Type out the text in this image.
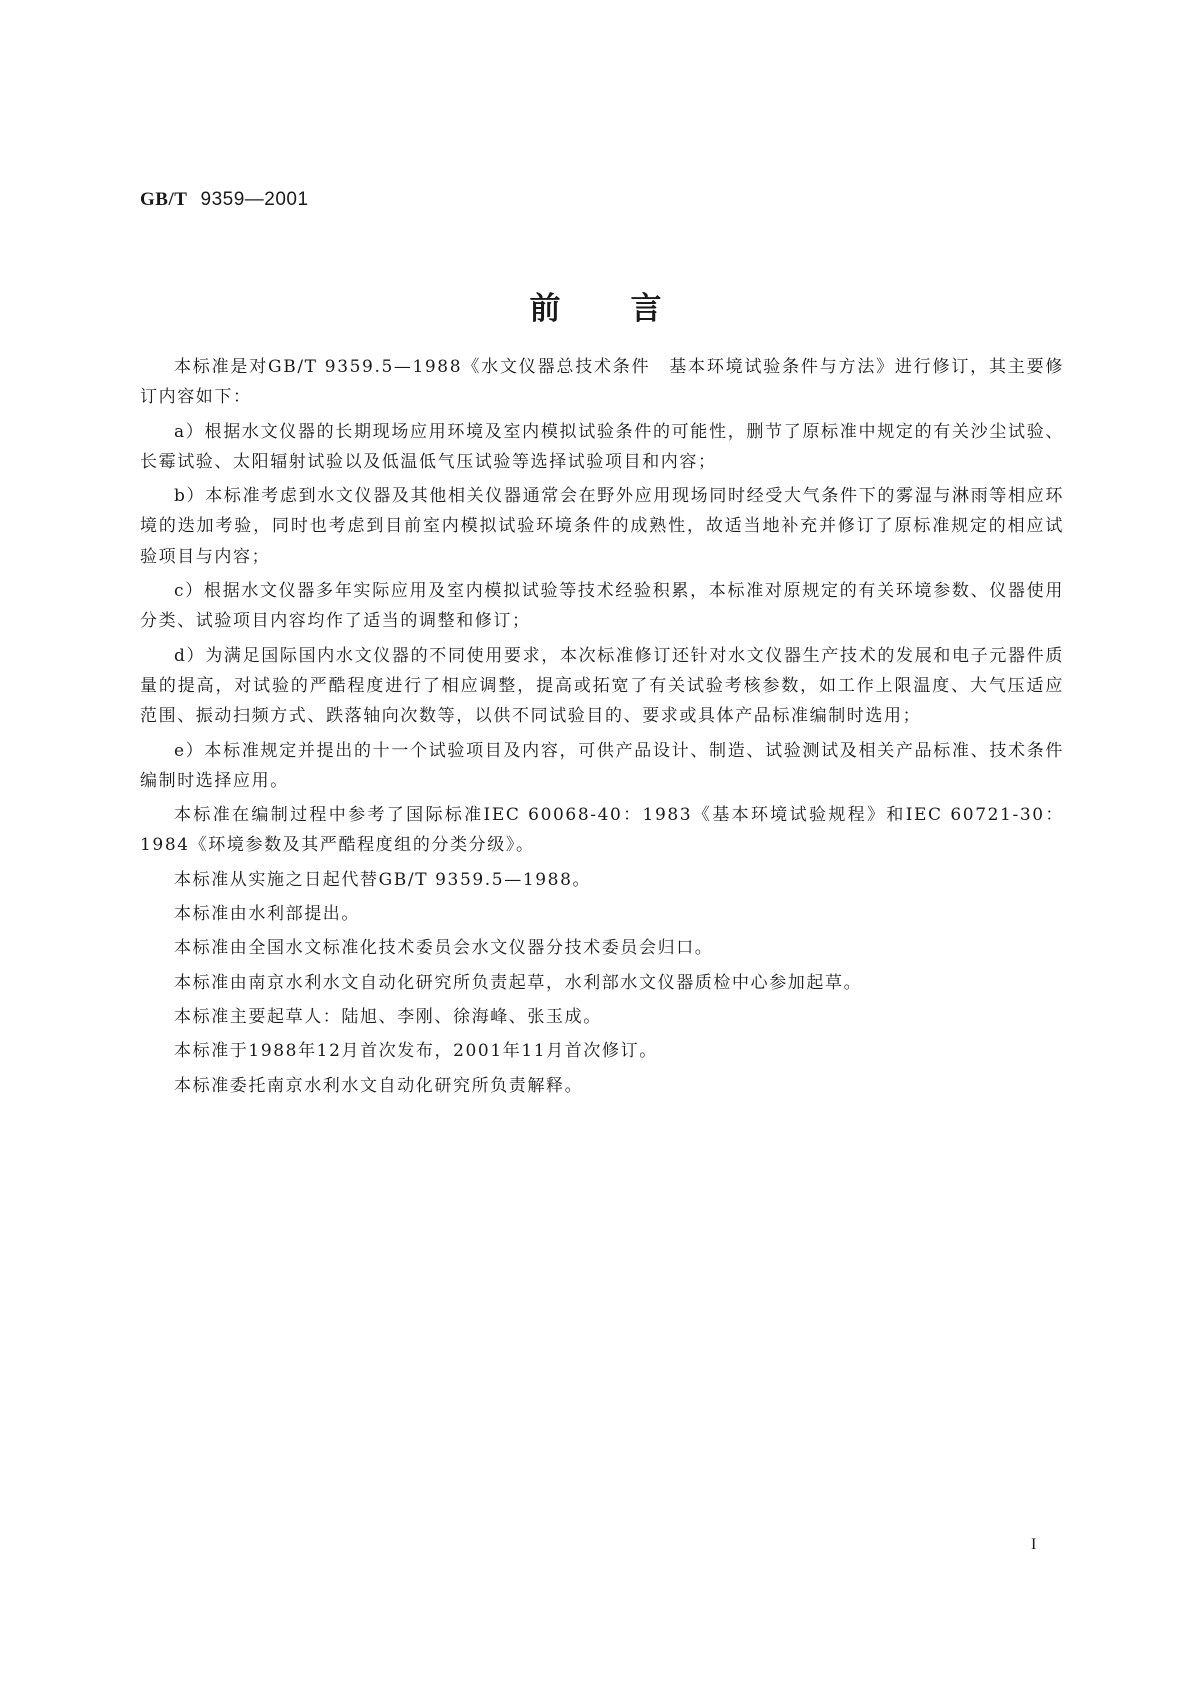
GB/T 9359—2001
前言

本标准是对GB/T 9359.5—1988《水文仪器总技术条件　基本环境试验条件与方法》进行修订，其主要修订内容如下：

a）根据水文仪器的长期现场应用环境及室内模拟试验条件的可能性，删节了原标准中规定的有关沙尘试验、长霉试验、太阳辐射试验以及低温低气压试验等选择试验项目和内容；

b）本标准考虑到水文仪器及其他相关仪器通常会在野外应用现场同时经受大气条件下的雾湿与淋雨等相应环境的迭加考验，同时也考虑到目前室内模拟试验环境条件的成熟性，故适当地补充并修订了原标准规定的相应试验项目与内容；

c）根据水文仪器多年实际应用及室内模拟试验等技术经验积累，本标准对原规定的有关环境参数、仪器使用分类、试验项目内容均作了适当的调整和修订；

d）为满足国际国内水文仪器的不同使用要求，本次标准修订还针对水文仪器生产技术的发展和电子元器件质量的提高，对试验的严酷程度进行了相应调整，提高或拓宽了有关试验考核参数，如工作上限温度、大气压适应范围、振动扫频方式、跌落轴向次数等，以供不同试验目的、要求或具体产品标准编制时选用；

e）本标准规定并提出的十一个试验项目及内容，可供产品设计、制造、试验测试及相关产品标准、技术条件编制时选择应用。

本标准在编制过程中参考了国际标准IEC 60068-40：1983《基本环境试验规程》和IEC 60721-30：1984《环境参数及其严酷程度组的分类分级》。

本标准从实施之日起代替GB/T 9359.5—1988。

本标准由水利部提出。

本标准由全国水文标准化技术委员会水文仪器分技术委员会归口。

本标准由南京水利水文自动化研究所负责起草，水利部水文仪器质检中心参加起草。

本标准主要起草人：陆旭、李刚、徐海峰、张玉成。

本标准于1988年12月首次发布，2001年11月首次修订。

本标准委托南京水利水文自动化研究所负责解释。

I
